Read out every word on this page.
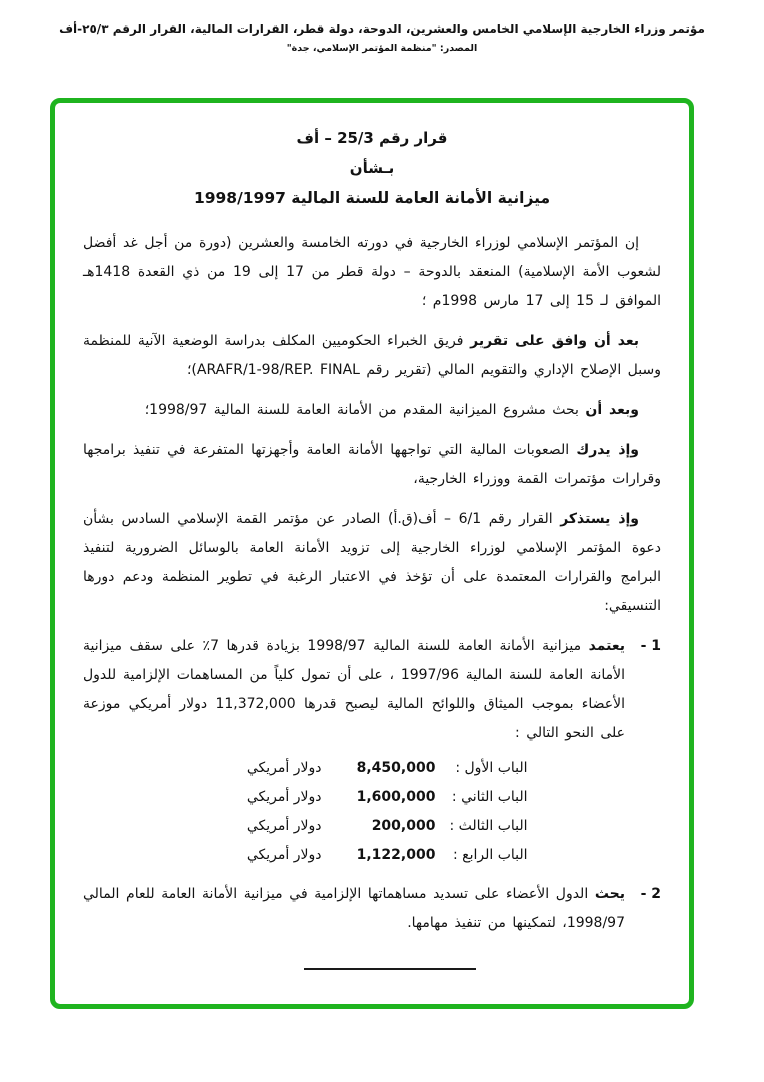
مؤتمر وزراء الخارجية الإسلامي الخامس والعشرين، الدوحة، دولة قطر، القرارات المالية، القرار الرقم ٢٥/٣-أف
المصدر: "منظمة المؤتمر الإسلامي، جدة"
قرار رقم 25/3 – أف
بـشأن
ميزانية الأمانة العامة للسنة المالية 1998/1997

إن المؤتمر الإسلامي لوزراء الخارجية في دورته الخامسة والعشرين (دورة من أجل غد أفضل لشعوب الأمة الإسلامية) المنعقد بالدوحة – دولة قطر من 17 إلى 19 من ذي القعدة 1418هـ الموافق لـ 15 إلى 17 مارس 1998م ؛

بعد أن وافق على تقرير فريق الخبراء الحكوميين المكلف بدراسة الوضعية الآنية للمنظمة وسبل الإصلاح الإداري والتقويم المالي (تقرير رقم ARAFR/1-98/REP. FINAL)؛

وبعد أن بحث مشروع الميزانية المقدم من الأمانة العامة للسنة المالية 1998/97؛

وإذ يدرك الصعوبات المالية التي تواجهها الأمانة العامة وأجهزتها المتفرعة في تنفيذ برامجها وقرارات مؤتمرات القمة ووزراء الخارجية،

وإذ يستذكر القرار رقم 6/1 – أف(ق.أ) الصادر عن مؤتمر القمة الإسلامي السادس بشأن دعوة المؤتمر الإسلامي لوزراء الخارجية إلى تزويد الأمانة العامة بالوسائل الضرورية لتنفيذ البرامج والقرارات المعتمدة على أن تؤخذ في الاعتبار الرغبة في تطوير المنظمة ودعم دورها التنسيقي:

1 -

يعتمد ميزانية الأمانة العامة للسنة المالية 1998/97 بزيادة قدرها 7٪ على سقف ميزانية الأمانة العامة للسنة المالية 1997/96 ، على أن تمول كلياً من المساهمات الإلزامية للدول الأعضاء بموجب الميثاق واللوائح المالية ليصبح قدرها 11,372,000 دولار أمريكي موزعة على النحو التالي :

الباب الأول :	8,450,000	دولار أمريكي
الباب الثاني :	1,600,000	دولار أمريكي
الباب الثالث :	200,000	دولار أمريكي
الباب الرابع :	1,122,000	دولار أمريكي
2 -

يحث الدول الأعضاء على تسديد مساهماتها الإلزامية في ميزانية الأمانة العامة للعام المالي 1998/97، لتمكينها من تنفيذ مهامها.
